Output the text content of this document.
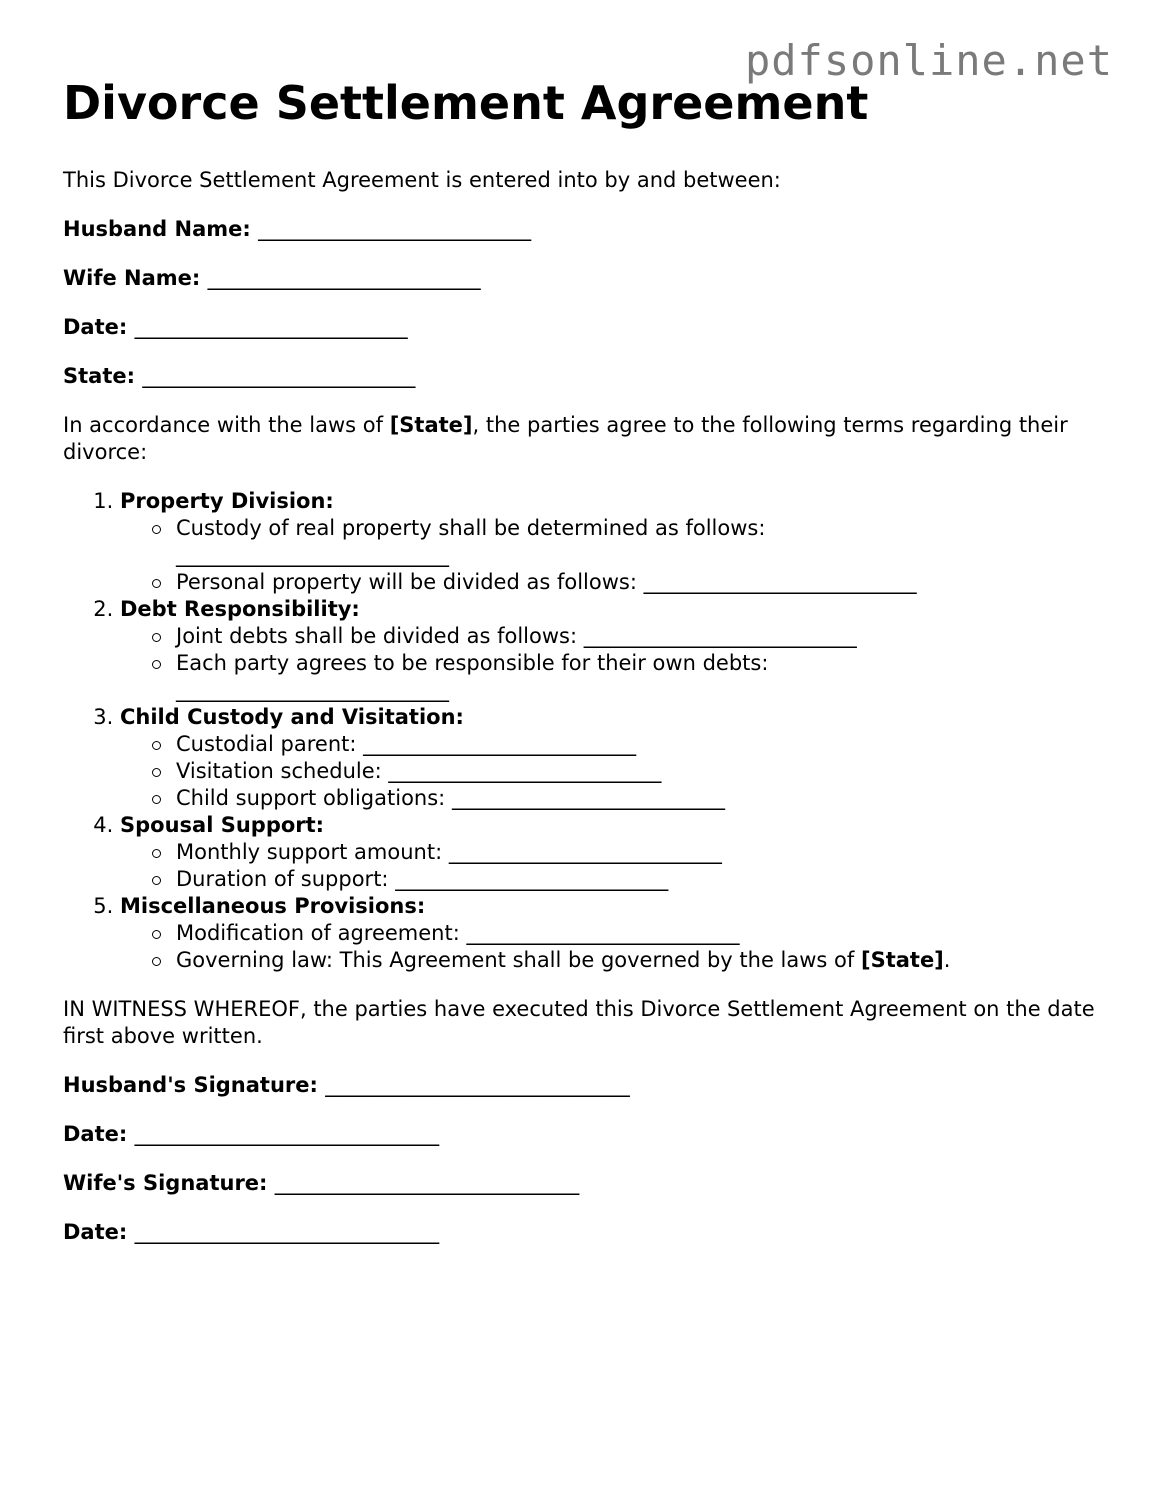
pdfsonline.net
Divorce Settlement Agreement

This Divorce Settlement Agreement is entered into by and between:

Husband Name: __________________________
Wife Name: __________________________
Date: __________________________
State: __________________________

In accordance with the laws of [State], the parties agree to the following terms regarding their divorce:

1. Property Division:
Custody of real property shall be determined as follows:
__________________________
Personal property will be divided as follows: __________________________
2. Debt Responsibility:
Joint debts shall be divided as follows: __________________________
Each party agrees to be responsible for their own debts:
__________________________
3. Child Custody and Visitation:
Custodial parent: __________________________
Visitation schedule: __________________________
Child support obligations: __________________________
4. Spousal Support:
Monthly support amount: __________________________
Duration of support: __________________________
5. Miscellaneous Provisions:
Modification of agreement: __________________________
Governing law: This Agreement shall be governed by the laws of [State].

IN WITNESS WHEREOF, the parties have executed this Divorce Settlement Agreement on the date first above written.

Husband's Signature: _____________________________
Date: _____________________________
Wife's Signature: _____________________________
Date: _____________________________
